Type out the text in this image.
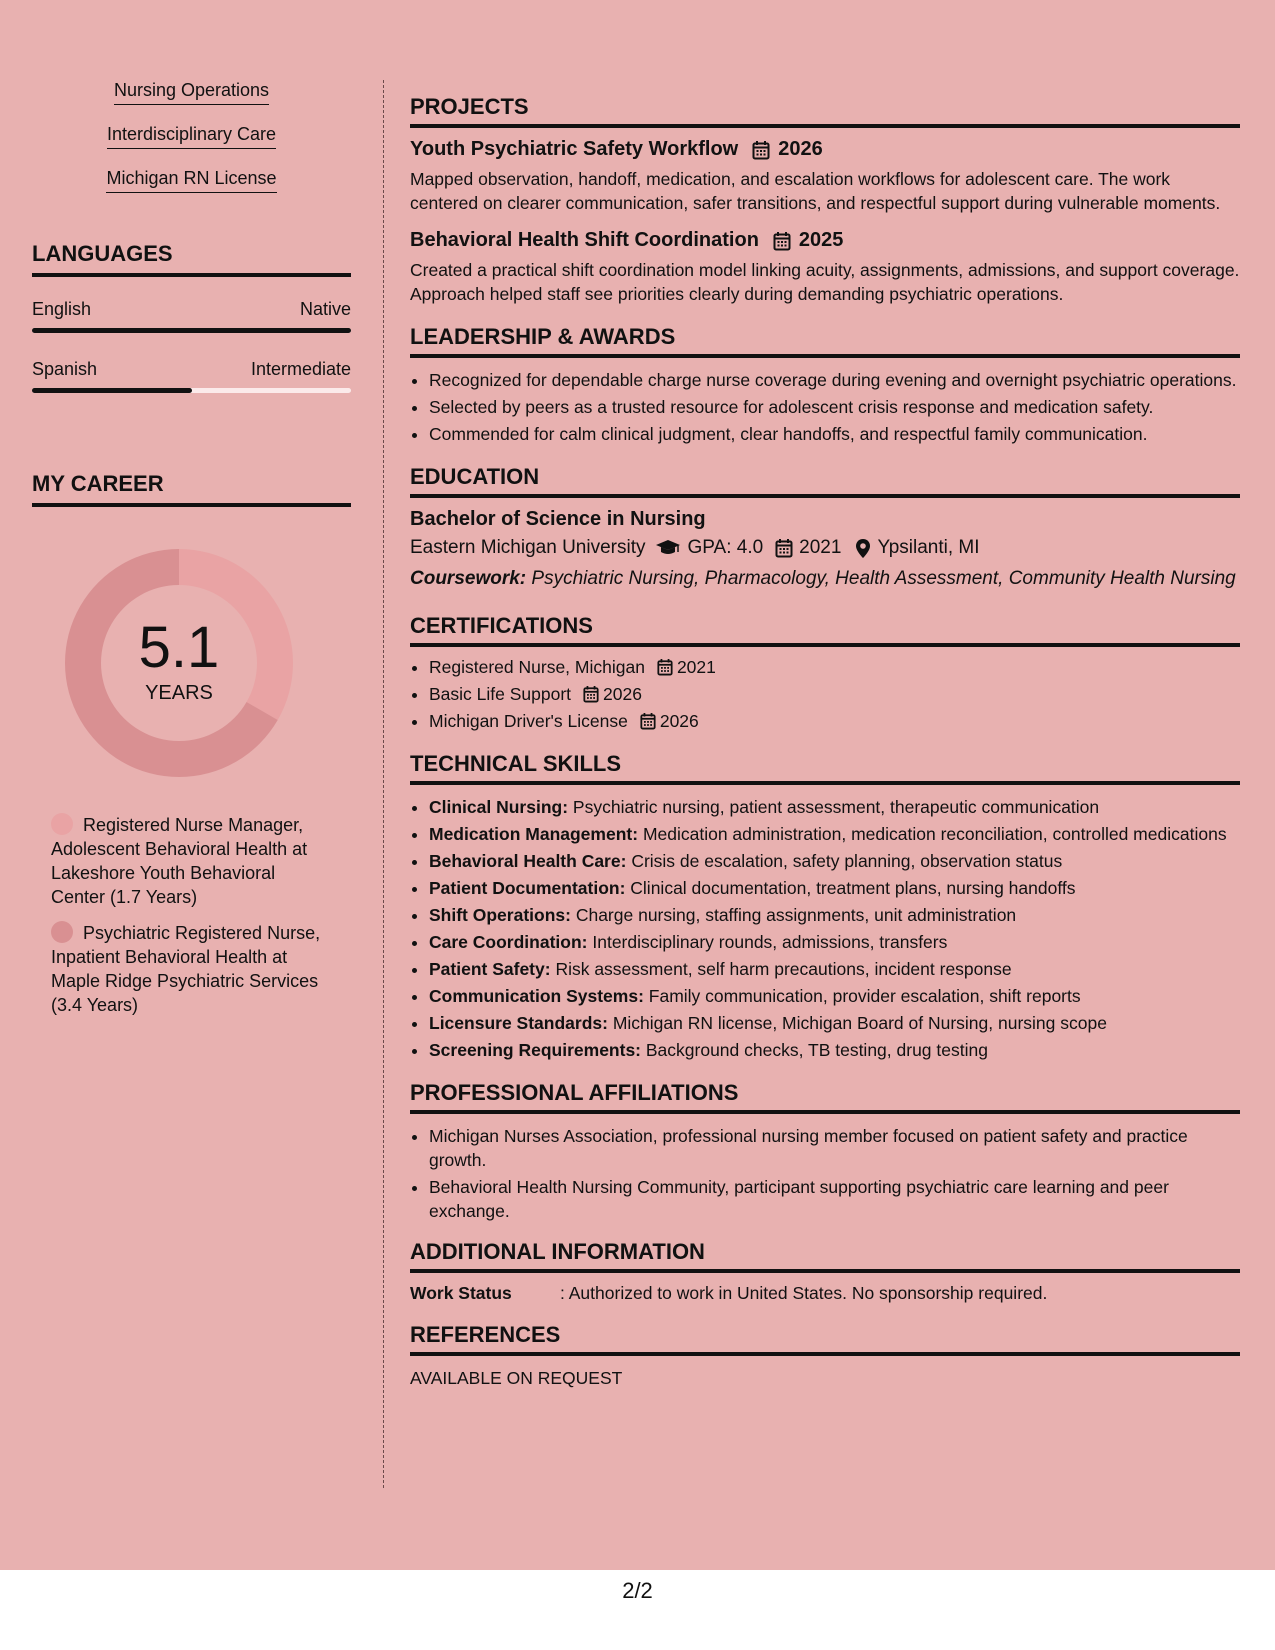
Nursing Operations
Interdisciplinary Care
Michigan RN License
LANGUAGES
English	Native
Spanish	Intermediate
MY CAREER
5.1
YEARS
Registered Nurse Manager, Adolescent Behavioral Health at Lakeshore Youth Behavioral Center (1.7 Years)
Psychiatric Registered Nurse, Inpatient Behavioral Health at Maple Ridge Psychiatric Services (3.4 Years)
PROJECTS
Youth Psychiatric Safety Workflow 2026
Mapped observation, handoff, medication, and escalation workflows for adolescent care. The work centered on clearer communication, safer transitions, and respectful support during vulnerable moments.
Behavioral Health Shift Coordination 2025
Created a practical shift coordination model linking acuity, assignments, admissions, and support coverage. Approach helped staff see priorities clearly during demanding psychiatric operations.
LEADERSHIP & AWARDS
• Recognized for dependable charge nurse coverage during evening and overnight psychiatric operations.
• Selected by peers as a trusted resource for adolescent crisis response and medication safety.
• Commended for calm clinical judgment, clear handoffs, and respectful family communication.
EDUCATION
Bachelor of Science in Nursing
Eastern Michigan University GPA: 4.0 2021 Ypsilanti, MI
Coursework: Psychiatric Nursing, Pharmacology, Health Assessment, Community Health Nursing
CERTIFICATIONS
• Registered Nurse, Michigan 2021
• Basic Life Support 2026
• Michigan Driver's License 2026
TECHNICAL SKILLS
• Clinical Nursing: Psychiatric nursing, patient assessment, therapeutic communication
• Medication Management: Medication administration, medication reconciliation, controlled medications
• Behavioral Health Care: Crisis de escalation, safety planning, observation status
• Patient Documentation: Clinical documentation, treatment plans, nursing handoffs
• Shift Operations: Charge nursing, staffing assignments, unit administration
• Care Coordination: Interdisciplinary rounds, admissions, transfers
• Patient Safety: Risk assessment, self harm precautions, incident response
• Communication Systems: Family communication, provider escalation, shift reports
• Licensure Standards: Michigan RN license, Michigan Board of Nursing, nursing scope
• Screening Requirements: Background checks, TB testing, drug testing
PROFESSIONAL AFFILIATIONS
• Michigan Nurses Association, professional nursing member focused on patient safety and practice growth.
• Behavioral Health Nursing Community, participant supporting psychiatric care learning and peer exchange.
ADDITIONAL INFORMATION
Work Status	: Authorized to work in United States. No sponsorship required.
REFERENCES
AVAILABLE ON REQUEST
2/2
